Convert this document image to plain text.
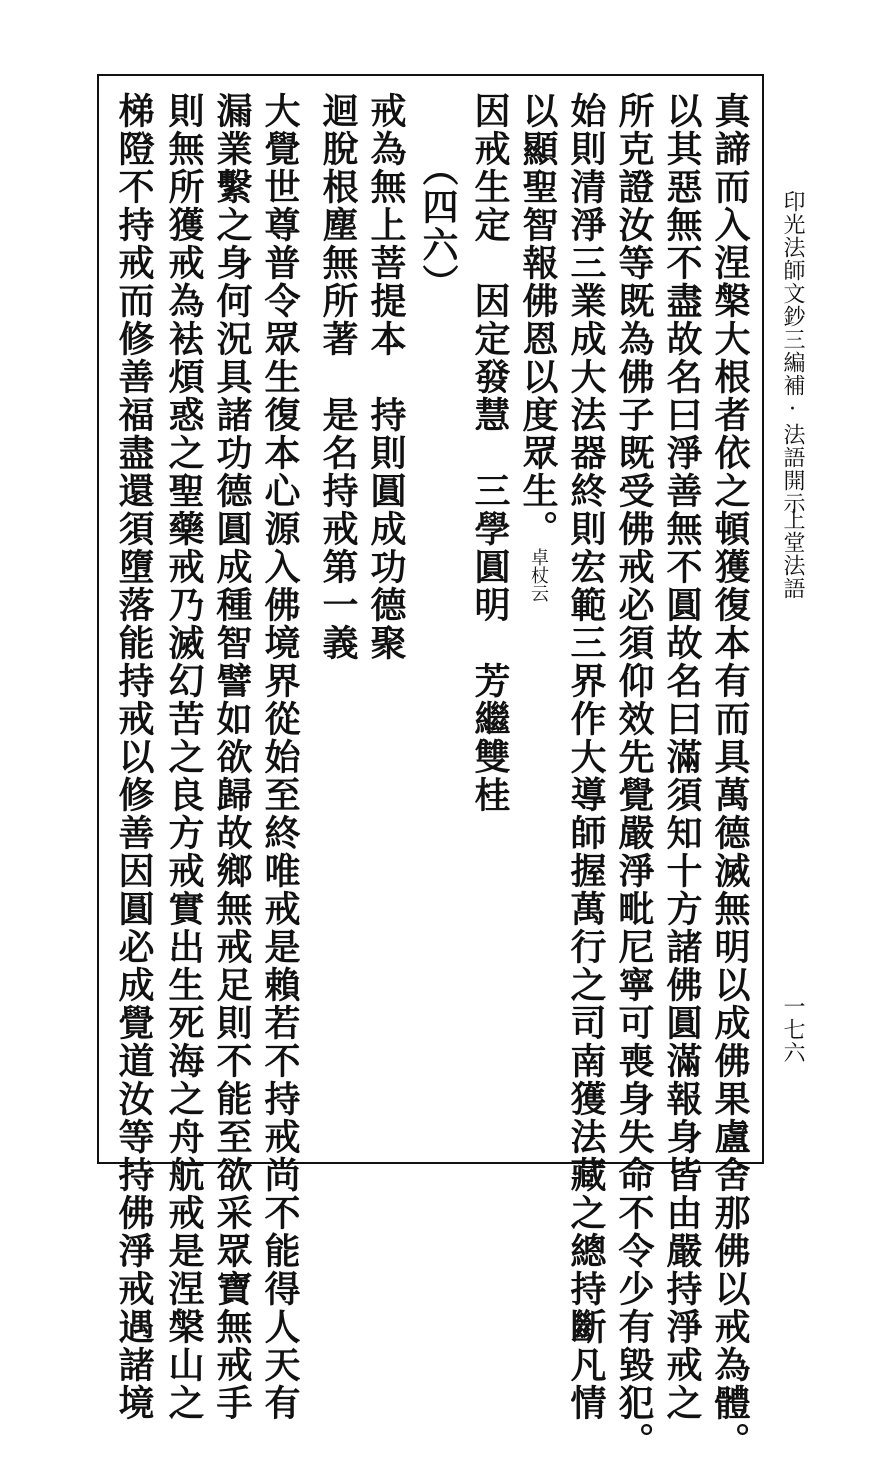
印光法師文鈔三編補·法語開示
上堂法語
一七六
真諦而入涅槃大根者依之頓獲復本有而具萬德滅無明以成佛果盧舍那佛以戒為體。
以其惡無不盡故名曰淨善無不圓故名曰滿須知十方諸佛圓滿報身皆由嚴持淨戒之
所克證汝等既為佛子既受佛戒必須仰效先覺嚴淨毗尼寧可喪身失命不令少有毀犯。
始則清淨三業成大法器終則宏範三界作大導師握萬行之司南獲法藏之總持斷凡情
以顯聖智報佛恩以度眾生。卓杖云
因戒生定　因定發慧　三學圓明　芳繼雙桂
（四六）
戒為無上菩提本　持則圓成功德聚
迴脫根塵無所著　是名持戒第一義
大覺世尊普令眾生復本心源入佛境界從始至終唯戒是賴若不持戒尚不能得人天有
漏業繫之身何況具諸功德圓成種智譬如欲歸故鄉無戒足則不能至欲采眾寶無戒手
則無所獲戒為袪煩惑之聖藥戒乃滅幻苦之良方戒實出生死海之舟航戒是涅槃山之
梯隥不持戒而修善福盡還須墮落能持戒以修善因圓必成覺道汝等持佛淨戒遇諸境
